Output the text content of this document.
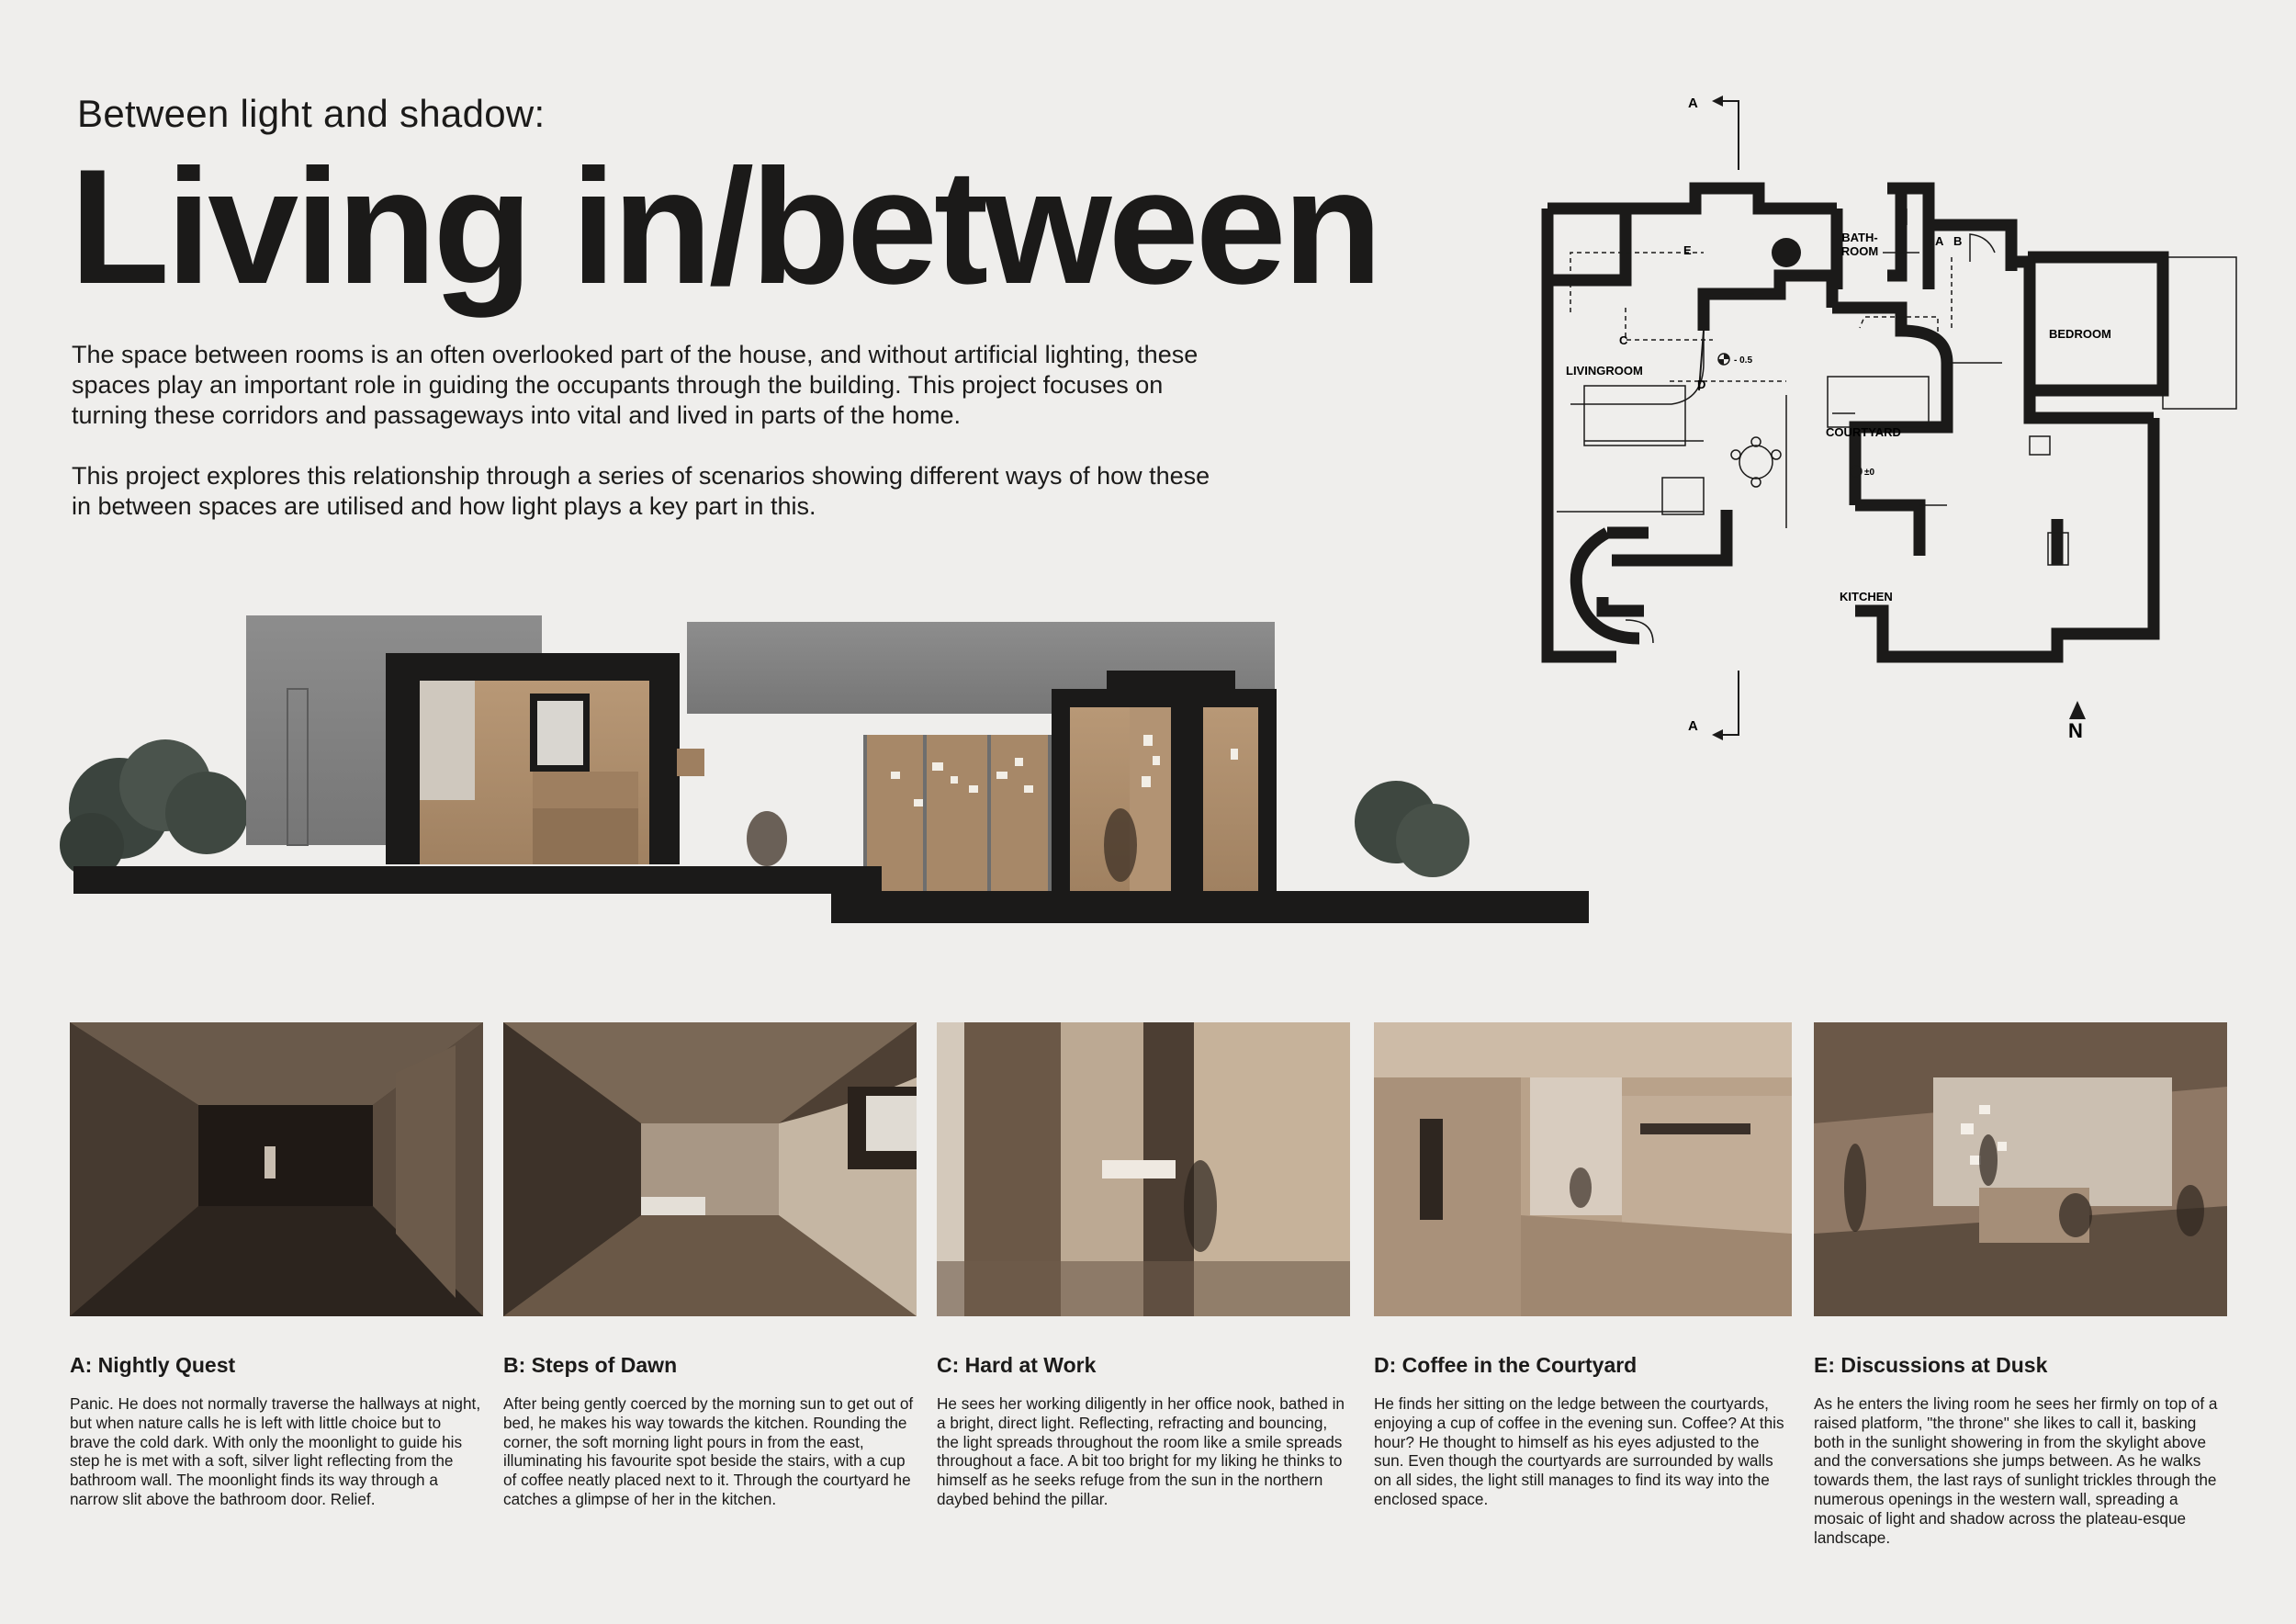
Between light and shadow:
Living in/between

The space between rooms is an often overlooked part of the house, and without artificial lighting, these spaces play an important role in guiding the occupants through the building. This project focuses on turning these corridors and passageways into vital and lived in parts of the home.

This project explores this relationship through a series of scenarios showing different ways of how these in between spaces are utilised and how light plays a key part in this.

BATH-
ROOM
BEDROOM
LIVINGROOM
COURTYARD
KITCHEN
A B
C
D
E
A
A
- 0.5
±0
N
A: Nightly Quest

Panic. He does not normally traverse the hallways at night, but when nature calls he is left with little choice but to brave the cold dark. With only the moonlight to guide his step he is met with a soft, silver light reflecting from the bathroom wall. The moonlight finds its way through a narrow slit above the bathroom door. Relief.

B: Steps of Dawn

After being gently coerced by the morning sun to get out of bed, he makes his way towards the kitchen. Rounding the corner, the soft morning light pours in from the east, illuminating his favourite spot beside the stairs, with a cup of coffee neatly placed next to it. Through the courtyard he catches a glimpse of her in the kitchen.

C: Hard at Work

He sees her working diligently in her office nook, bathed in a bright, direct light. Reflecting, refracting and bouncing, the light spreads throughout the room like a smile spreads throughout a face. A bit too bright for my liking he thinks to himself as he seeks refuge from the sun in the northern daybed behind the pillar.

D: Coffee in the Courtyard

He finds her sitting on the ledge between the courtyards, enjoying a cup of coffee in the evening sun. Coffee? At this hour? He thought to himself as his eyes adjusted to the sun. Even though the courtyards are surrounded by walls on all sides, the light still manages to find its way into the enclosed space.

E: Discussions at Dusk

As he enters the living room he sees her firmly on top of a raised platform, "the throne" she likes to call it, basking both in the sunlight showering in from the skylight above and the conversations she jumps between. As he walks towards them, the last rays of sunlight trickles through the numerous openings in the western wall, spreading a mosaic of light and shadow across the plateau-esque landscape.
